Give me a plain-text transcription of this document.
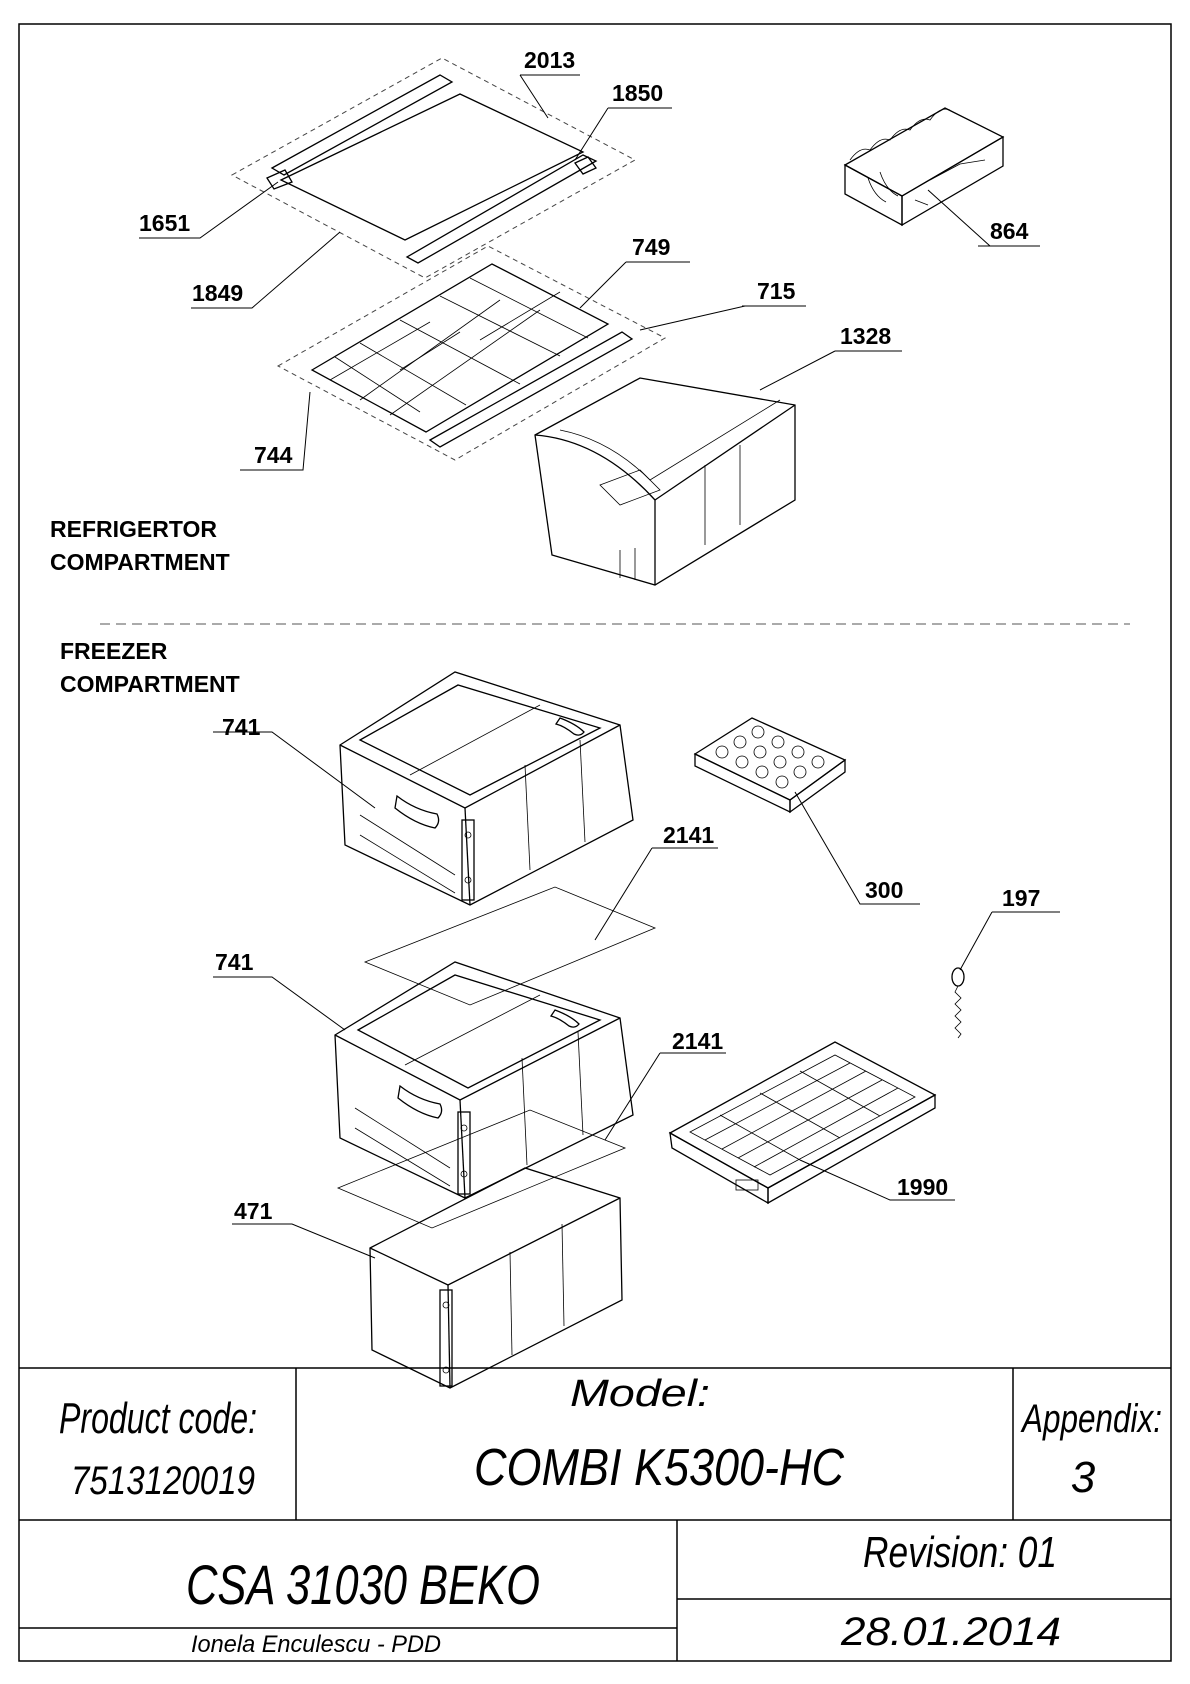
2013
1850
1651
1849
864
749
715
1328
744
REFRIGERTOR
COMPARTMENT
FREEZER
COMPARTMENT
741
2141
300	197
741
2141
1990
471
Product code:
7513120019
Model:
COMBI K5300-HC
Appendix:
3
CSA 31030 BEKO
Ionela Enculescu - PDD
Revision: 01
28.01.2014
